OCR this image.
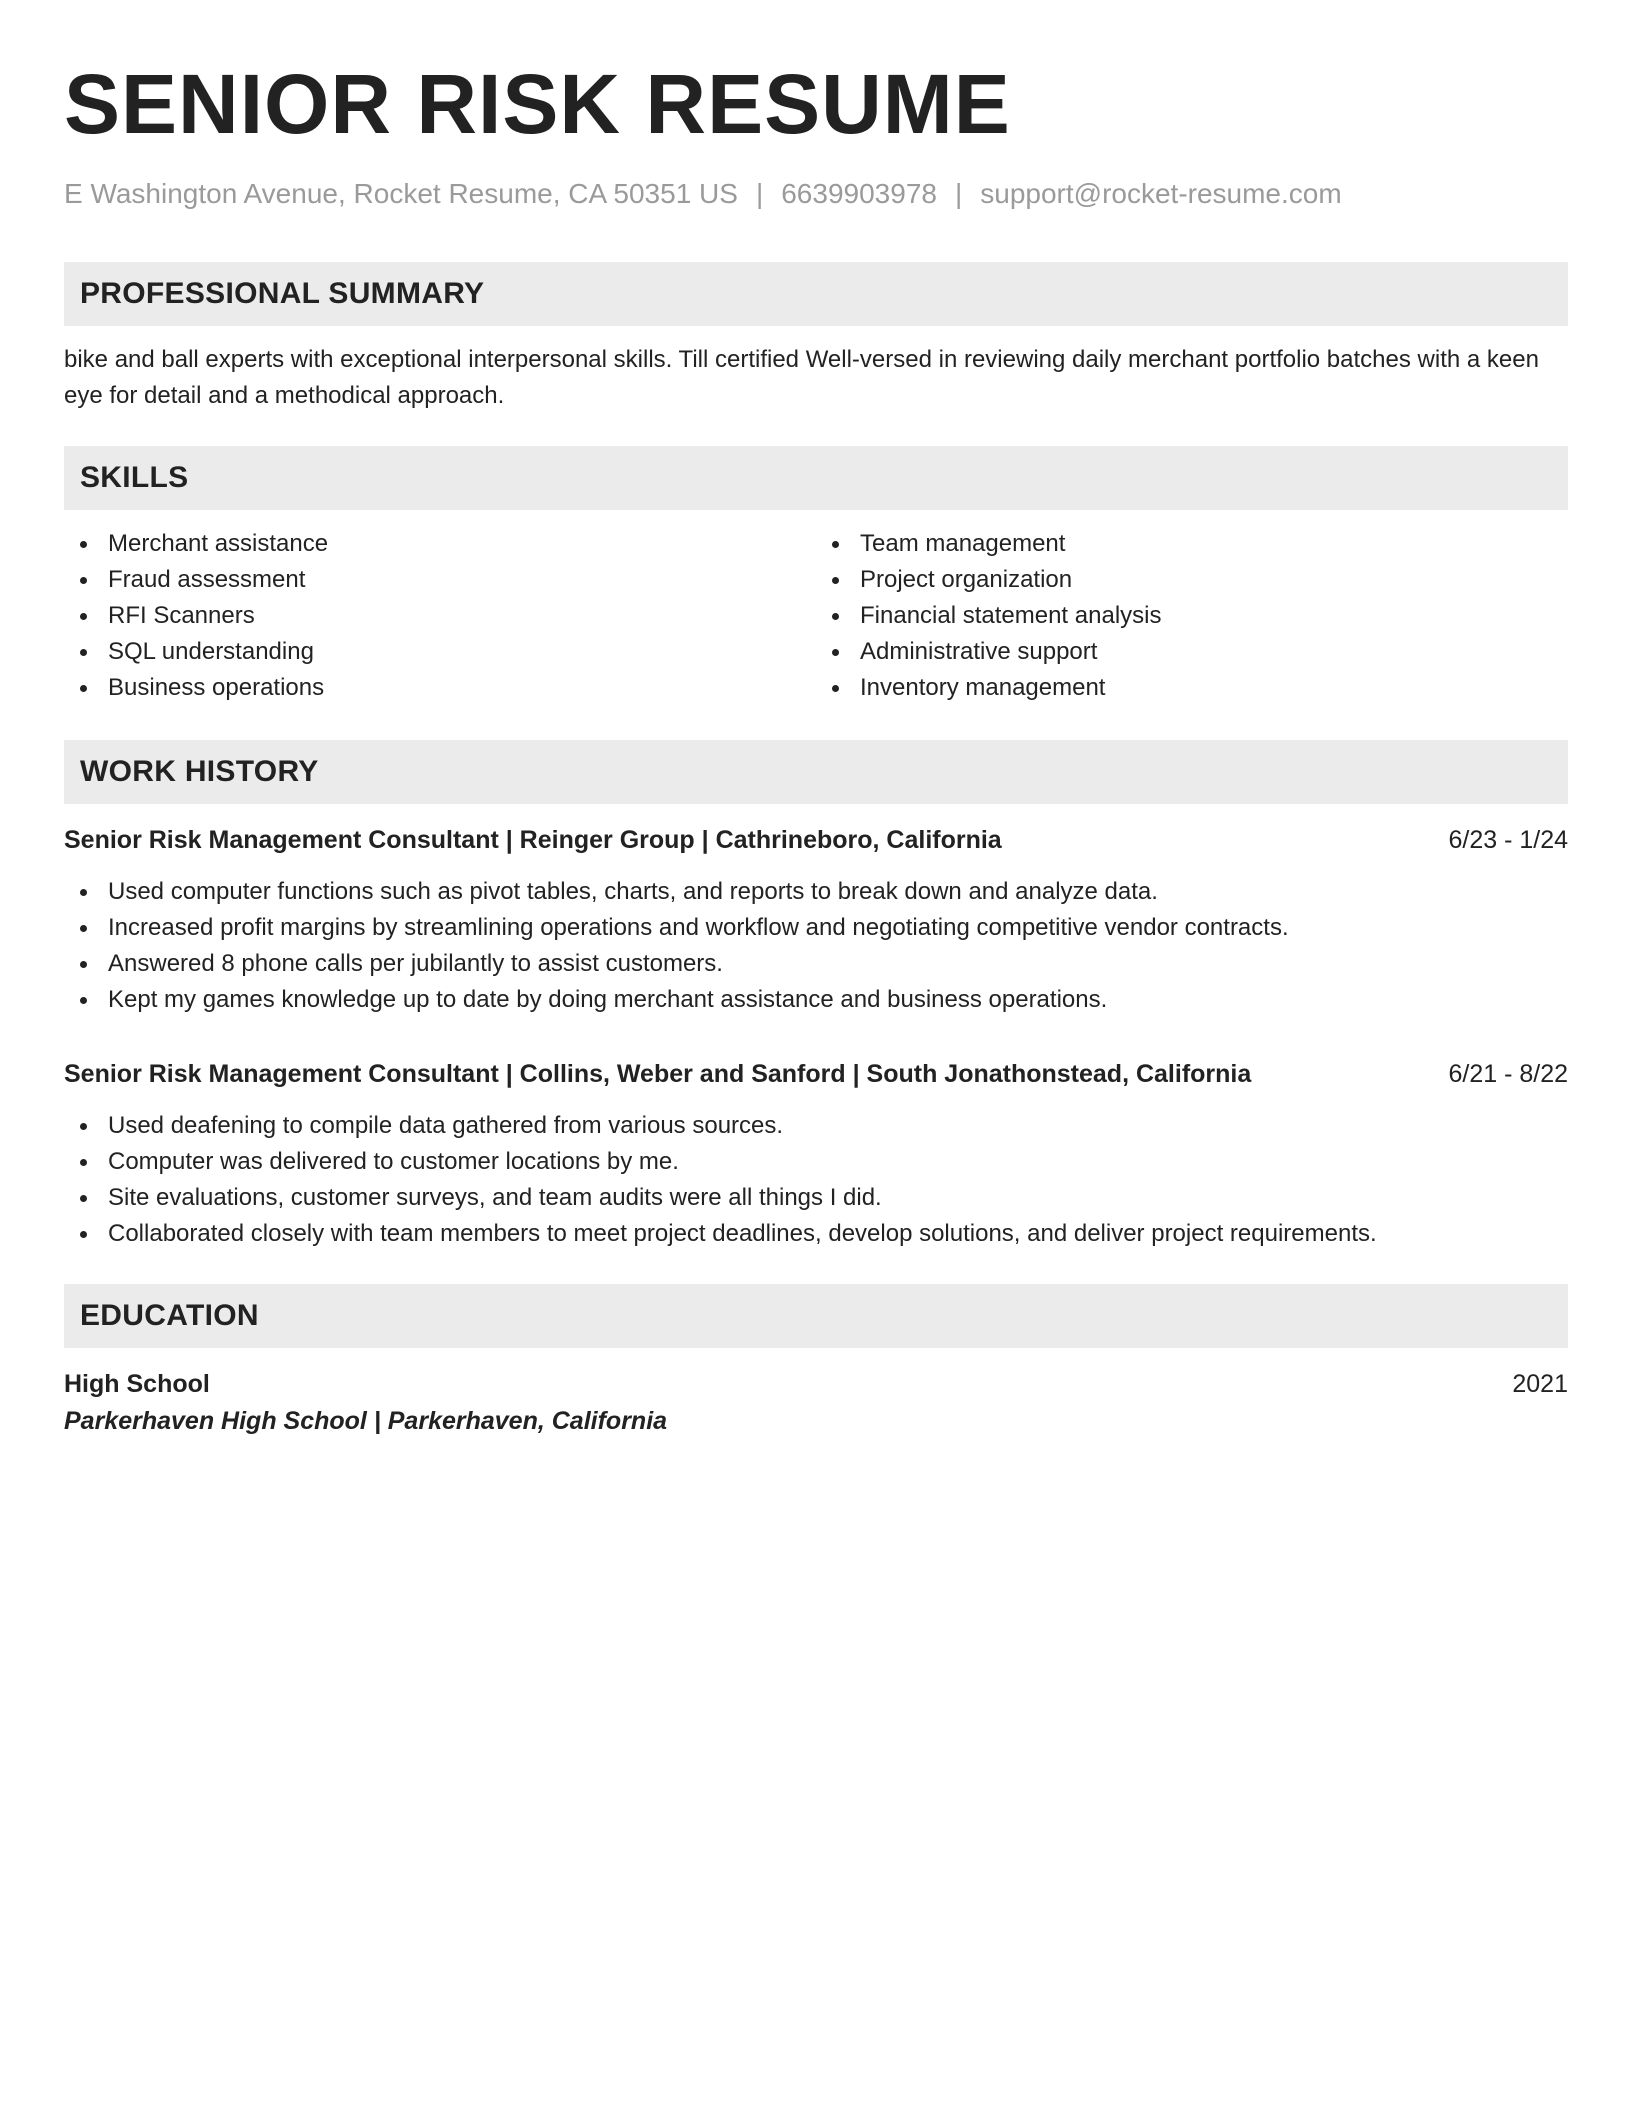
SENIOR RISK RESUME
E Washington Avenue, Rocket Resume, CA 50351 US | 6639903978 | support@rocket-resume.com
PROFESSIONAL SUMMARY
bike and ball experts with exceptional interpersonal skills. Till certified Well-versed in reviewing daily merchant portfolio batches with a keen eye for detail and a methodical approach.
SKILLS
Merchant assistance
Fraud assessment
RFI Scanners
SQL understanding
Business operations
Team management
Project organization
Financial statement analysis
Administrative support
Inventory management
WORK HISTORY
Senior Risk Management Consultant | Reinger Group | Cathrineboro, California	6/23 - 1/24
Used computer functions such as pivot tables, charts, and reports to break down and analyze data.
Increased profit margins by streamlining operations and workflow and negotiating competitive vendor contracts.
Answered 8 phone calls per jubilantly to assist customers.
Kept my games knowledge up to date by doing merchant assistance and business operations.
Senior Risk Management Consultant | Collins, Weber and Sanford | South Jonathonstead, California	6/21 - 8/22
Used deafening to compile data gathered from various sources.
Computer was delivered to customer locations by me.
Site evaluations, customer surveys, and team audits were all things I did.
Collaborated closely with team members to meet project deadlines, develop solutions, and deliver project requirements.
EDUCATION
High School	2021
Parkerhaven High School | Parkerhaven, California
